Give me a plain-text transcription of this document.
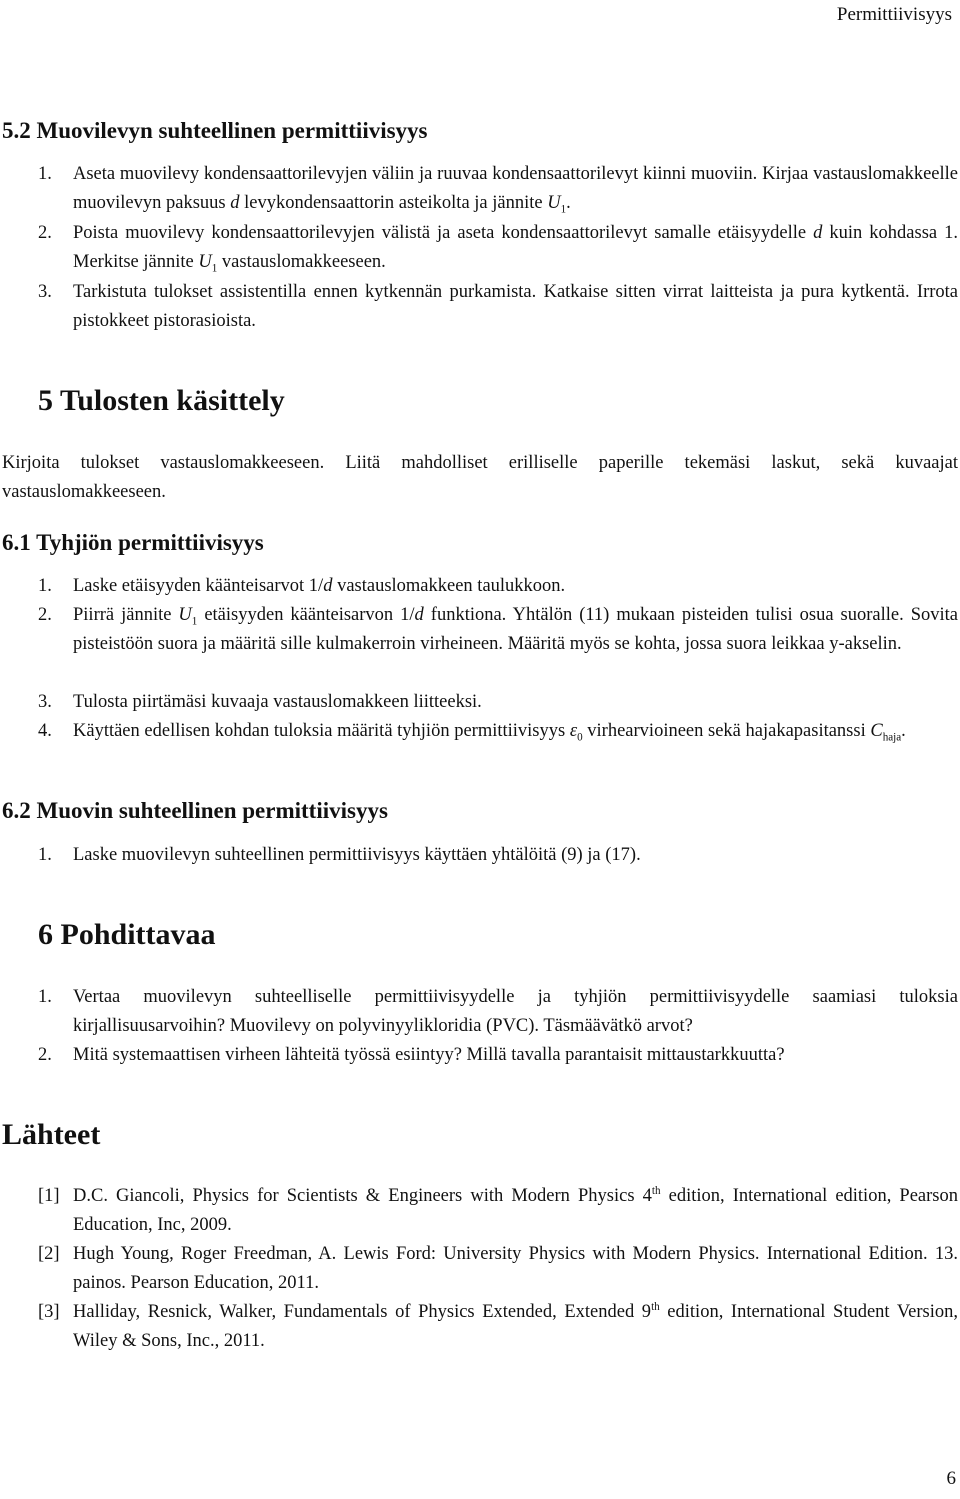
Permittiivisyys
5.2 Muovilevyn suhteellinen permittiivisyys
1. Aseta muovilevy kondensaattorilevyjen väliin ja ruuvaa kondensaattorilevyt kiinni muoviin. Kirjaa vastauslomakkeelle muovilevyn paksuus d levykondensaattorin asteikolta ja jännite $U_1$.
2. Poista muovilevy kondensaattorilevyjen välistä ja aseta kondensaattorilevyt samalle etäisyydelle d kuin kohdassa 1. Merkitse jännite $U_1$ vastauslomakkeeseen.
3. Tarkistuta tulokset assistentilla ennen kytkennän purkamista. Katkaise sitten virrat laitteista ja pura kytkentä. Irrota pistokkeet pistorasioista.
5 Tulosten käsittely
Kirjoita tulokset vastauslomakkeeseen. Liitä mahdolliset erilliselle paperille tekemäsi laskut, sekä kuvaajat vastauslomakkeeseen.
6.1 Tyhjiön permittiivisyys
1. Laske etäisyyden käänteisarvot 1/d vastauslomakkeen taulukkoon.
2. Piirrä jännite $U_1$ etäisyyden käänteisarvon 1/d funktiona. Yhtälön (11) mukaan pisteiden tulisi osua suoralle. Sovita pisteistöön suora ja määritä sille kulmakerroin virheineen. Määritä myös se kohta, jossa suora leikkaa y-akselin.
3. Tulosta piirtämäsi kuvaaja vastauslomakkeen liitteeksi.
4. Käyttäen edellisen kohdan tuloksia määritä tyhjiön permittiivisyys $\varepsilon_0$ virhearvioineen sekä hajakapasitanssi $C_{haja}$.
6.2 Muovin suhteellinen permittiivisyys
1. Laske muovilevyn suhteellinen permittiivisyys käyttäen yhtälöitä (9) ja (17).
6 Pohdittavaa
1. Vertaa muovilevyn suhteelliselle permittiivisyydelle ja tyhjiön permittiivisyydelle saamiasi tuloksia kirjallisuusarvoihin? Muovilevy on polyvinyylikloridia (PVC). Täsmäävätkö arvot?
2. Mitä systemaattisen virheen lähteitä työssä esiintyy? Millä tavalla parantaisit mittaustarkkuutta?
Lähteet
[1] D.C. Giancoli, Physics for Scientists & Engineers with Modern Physics 4th edition, International edition, Pearson Education, Inc, 2009.
[2] Hugh Young, Roger Freedman, A. Lewis Ford: University Physics with Modern Physics. International Edition. 13. painos. Pearson Education, 2011.
[3] Halliday, Resnick, Walker, Fundamentals of Physics Extended, Extended 9th edition, International Student Version, Wiley & Sons, Inc., 2011.
6
